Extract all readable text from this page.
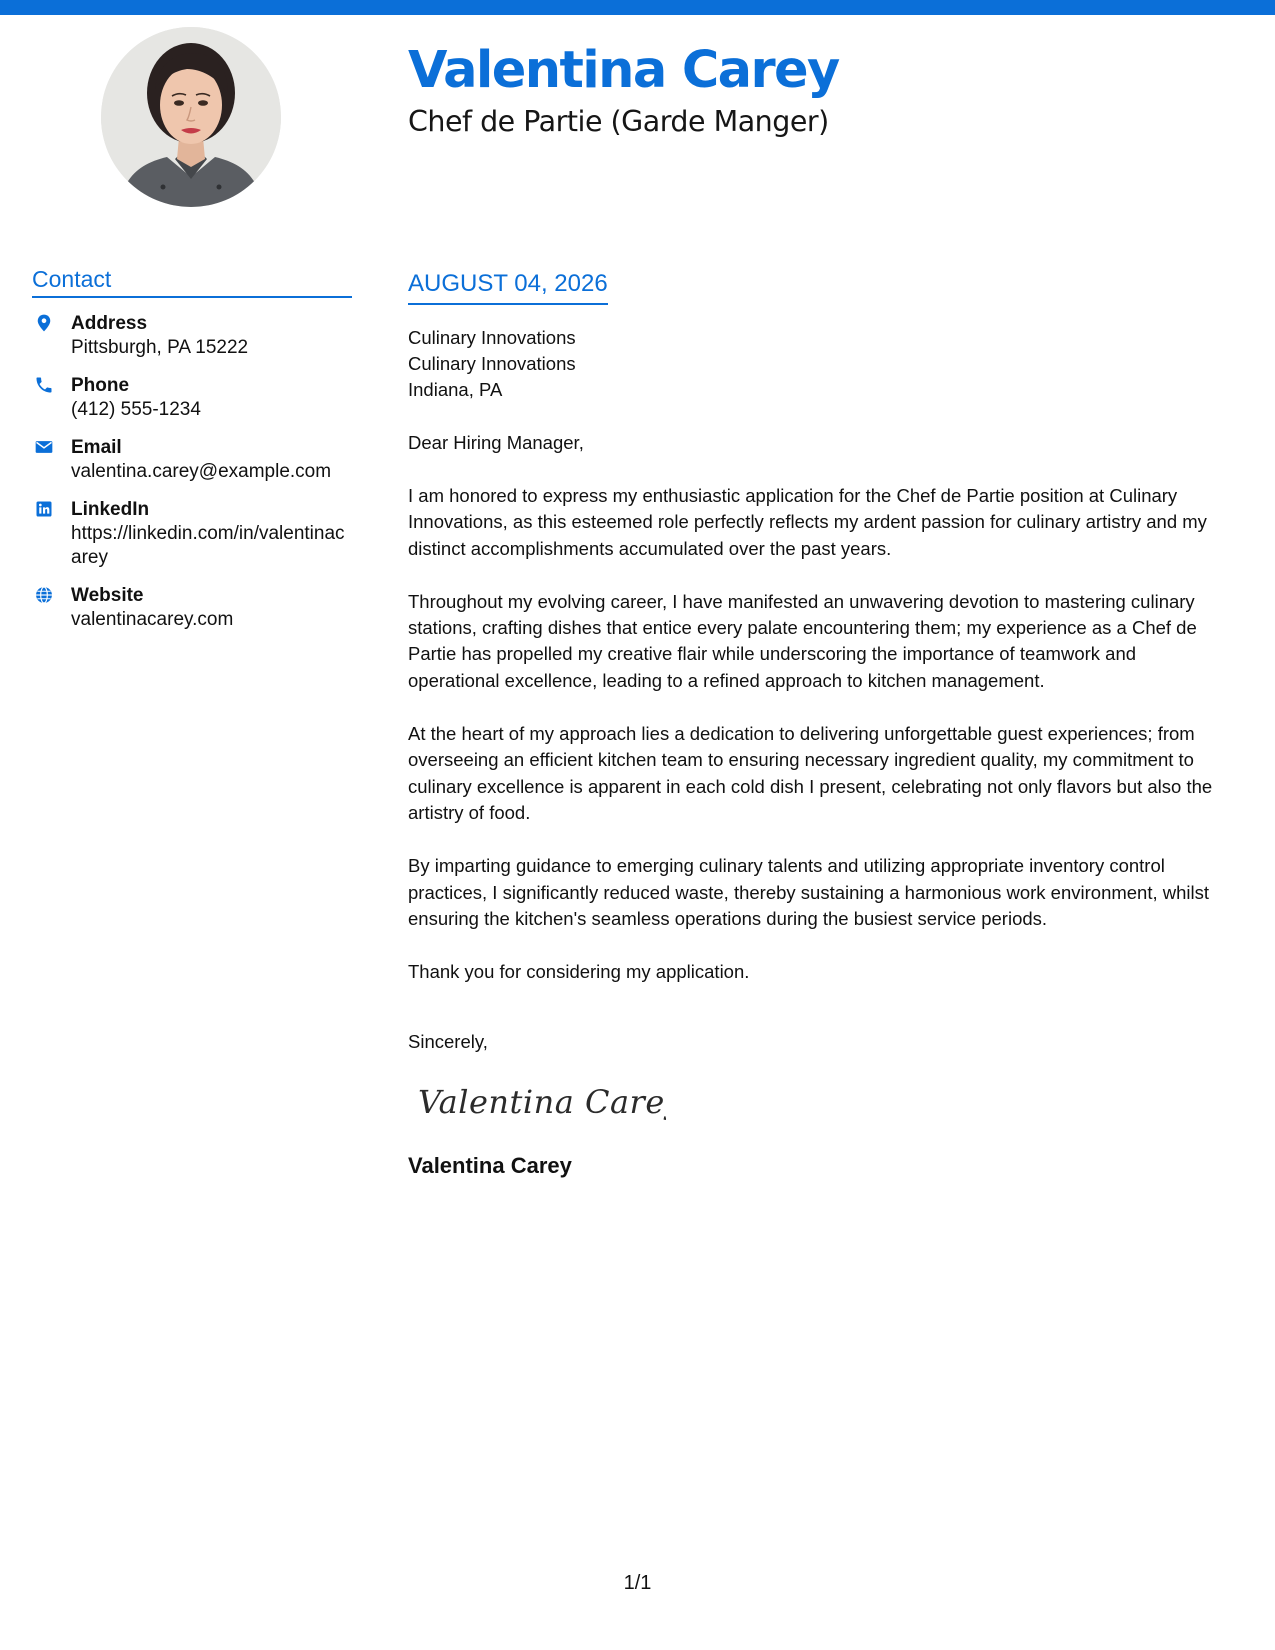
Valentina Carey
Chef de Partie (Garde Manger)
Contact
Address
Pittsburgh, PA 15222
Phone
(412) 555-1234
Email
valentina.carey@example.com
LinkedIn
https://linkedin.com/in/valentinacarey
Website
valentinacarey.com
AUGUST 04, 2026
Culinary Innovations
Culinary Innovations
Indiana, PA
Dear Hiring Manager,
I am honored to express my enthusiastic application for the Chef de Partie position at Culinary Innovations, as this esteemed role perfectly reflects my ardent passion for culinary artistry and my distinct accomplishments accumulated over the past years.
Throughout my evolving career, I have manifested an unwavering devotion to mastering culinary stations, crafting dishes that entice every palate encountering them; my experience as a Chef de Partie has propelled my creative flair while underscoring the importance of teamwork and operational excellence, leading to a refined approach to kitchen management.
At the heart of my approach lies a dedication to delivering unforgettable guest experiences; from overseeing an efficient kitchen team to ensuring necessary ingredient quality, my commitment to culinary excellence is apparent in each cold dish I present, celebrating not only flavors but also the artistry of food.
By imparting guidance to emerging culinary talents and utilizing appropriate inventory control practices, I significantly reduced waste, thereby sustaining a harmonious work environment, whilst ensuring the kitchen's seamless operations during the busiest service periods.
Thank you for considering my application.
Sincerely,
Valentina Carey
Valentina Carey
1/1
